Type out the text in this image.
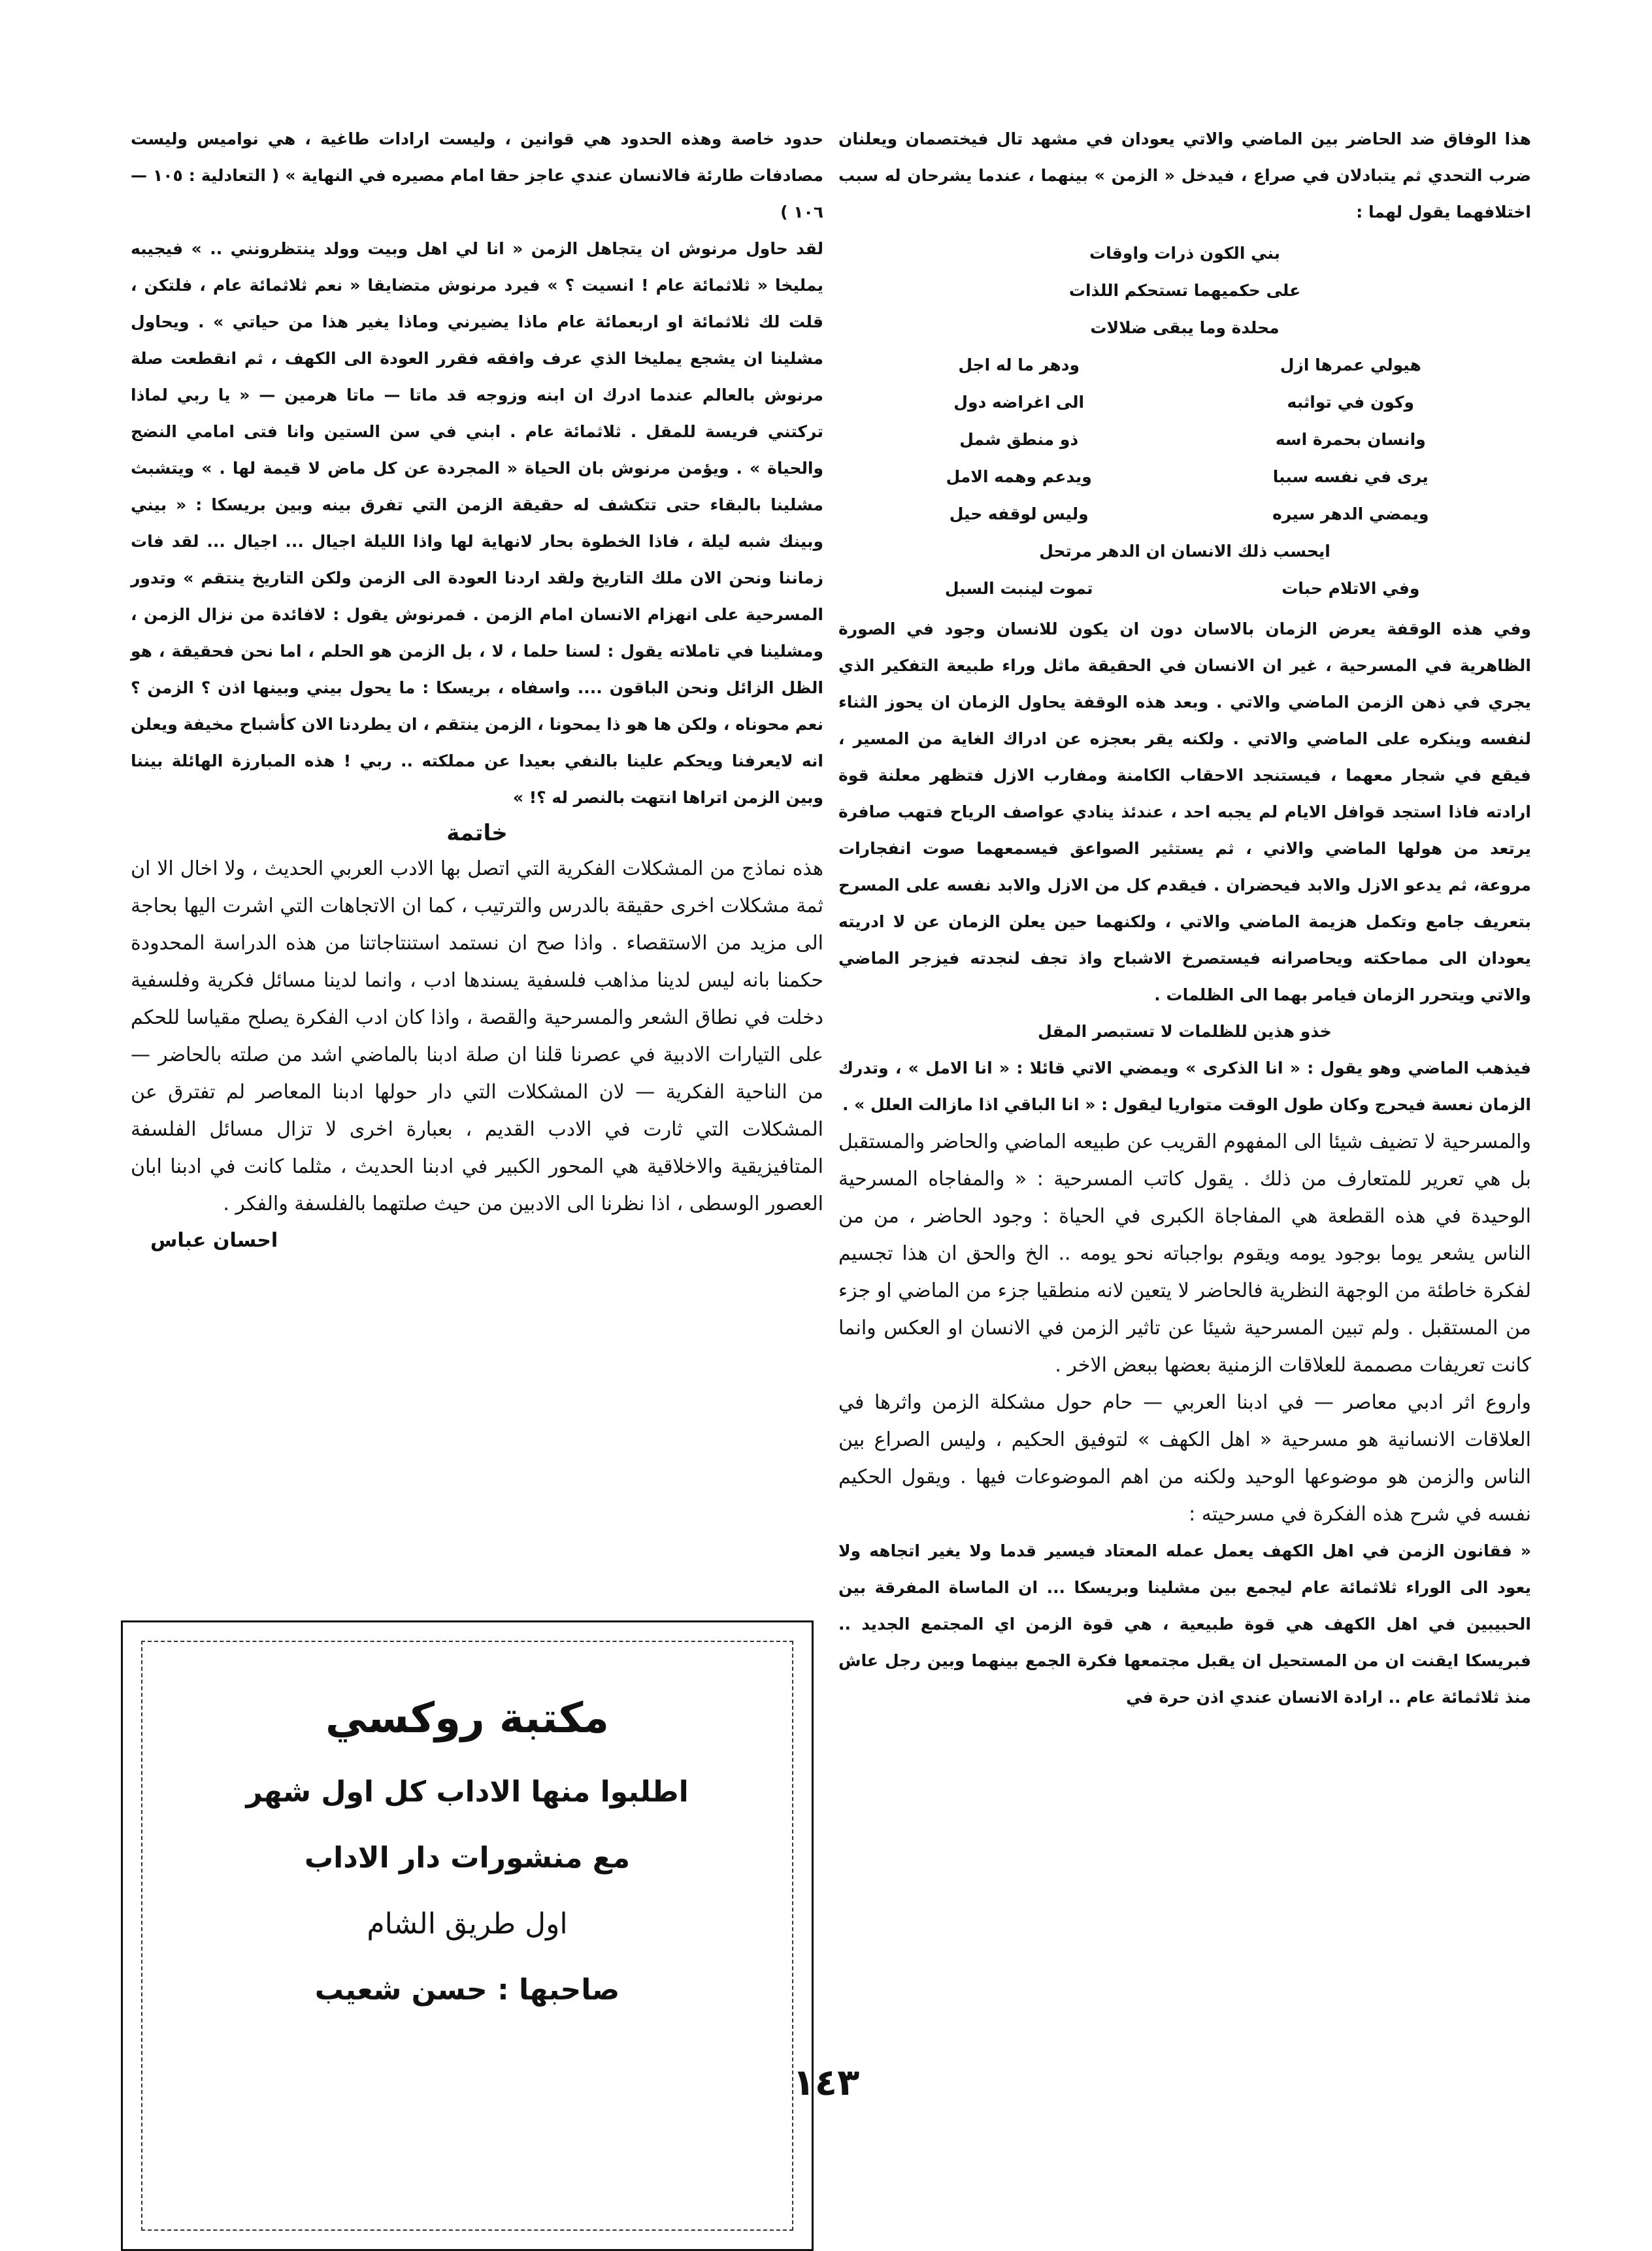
هذا الوفاق ضد الحاضر بين الماضي والاتي يعودان في مشهد تال فيختصمان ويعلنان ضرب التحدي ثم يتبادلان في صراع ، فيدخل « الزمن » بينهما ، عندما يشرحان له سبب اختلافهما يقول لهما :

بني الكون ذرات واوقات
على حكميهما تستحكم اللذات
محلدة وما يبقى ضلالات
هيولي عمرها ازل
ودهر ما له اجل
وكون في تواثبه
الى اغراضه دول
وانسان بحمرة اسه
ذو منطق شمل
يرى في نفسه سببا
ويدعم وهمه الامل
ويمضي الدهر سيره
وليس لوقفه حيل
ايحسب ذلك الانسان ان الدهر مرتحل
وفي الاتلام حبات
تموت لينبت السبل

وفي هذه الوقفة يعرض الزمان بالاسان دون ان يكون للانسان وجود في الصورة الظاهرية في المسرحية ، غير ان الانسان في الحقيقة ماثل وراء طبيعة التفكير الذي يجري في ذهن الزمن الماضي والاتي . وبعد هذه الوقفة يحاول الزمان ان يحوز الثناء لنفسه وينكره على الماضي والاتي . ولكنه يقر بعجزه عن ادراك الغاية من المسير ، فيقع في شجار معهما ، فيستنجد الاحقاب الكامنة ومفارب الازل فتظهر معلنة قوة ارادته فاذا استجد قوافل الايام لم يجبه احد ، عندئذ ينادي عواصف الرياح فتهب صافرة يرتعد من هولها الماضي والاني ، ثم يستثير الصواعق فيسمعهما صوت انفجارات مروعة، ثم يدعو الازل والابد فيحضران . فيقدم كل من الازل والابد نفسه على المسرح بتعريف جامع وتكمل هزيمة الماضي والاتي ، ولكنهما حين يعلن الزمان عن لا ادريته يعودان الى مماحكته ويحاصرانه فيستصرخ الاشباح واذ تجف لنجدته فيزجر الماضي والاتي ويتحرر الزمان فيامر بهما الى الظلمات .

خذو هذين للظلمات لا تستبصر المقل

فيذهب الماضي وهو يقول : « انا الذكرى » ويمضي الاتي قائلا : « انا الامل » ، وتدرك الزمان نعسة فيحرج وكان طول الوقت متواريا ليقول : « انا الباقي اذا مازالت العلل » .

والمسرحية لا تضيف شيئا الى المفهوم القريب عن طبيعه الماضي والحاضر والمستقبل بل هي تعرير للمتعارف من ذلك . يقول كاتب المسرحية : « والمفاجاه المسرحية الوحيدة في هذه القطعة هي المفاجاة الكبرى في الحياة : وجود الحاضر ، من من الناس يشعر يوما بوجود يومه ويقوم بواجباته نحو يومه .. الخ والحق ان هذا تجسيم لفكرة خاطئة من الوجهة النظرية فالحاضر لا يتعين لانه منطقيا جزء من الماضي او جزء من المستقبل . ولم تبين المسرحية شيئا عن تاثير الزمن في الانسان او العكس وانما كانت تعريفات مصممة للعلاقات الزمنية بعضها ببعض الاخر .

واروع اثر ادبي معاصر — في ادبنا العربي — حام حول مشكلة الزمن واثرها في العلاقات الانسانية هو مسرحية « اهل الكهف » لتوفيق الحكيم ، وليس الصراع بين الناس والزمن هو موضوعها الوحيد ولكنه من اهم الموضوعات فيها . ويقول الحكيم نفسه في شرح هذه الفكرة في مسرحيته :

« فقانون الزمن في اهل الكهف يعمل عمله المعتاد فيسير قدما ولا يغير اتجاهه ولا يعود الى الوراء ثلاثمائة عام ليجمع بين مشلينا وبريسكا ... ان الماساة المفرقة بين الحبيبين في اهل الكهف هي قوة طبيعية ، هي قوة الزمن اي المجتمع الجديد .. فبريسكا ايقنت ان من المستحيل ان يقبل مجتمعها فكرة الجمع بينهما وبين رجل عاش منذ ثلاثمائة عام .. ارادة الانسان عندي اذن حرة في

حدود خاصة وهذه الحدود هي قوانين ، وليست ارادات طاغية ، هي نواميس وليست مصادفات طارئة فالانسان عندي عاجز حقا امام مصيره في النهاية » ( التعادلية : ١٠٥ — ١٠٦ )

لقد حاول مرنوش ان يتجاهل الزمن « انا لي اهل وبيت وولد ينتظرونني .. » فيجيبه يمليخا « ثلاثمائة عام ! انسيت ؟ » فيرد مرنوش متضايقا « نعم ثلاثمائة عام ، فلتكن ، قلت لك ثلاثمائة او اربعمائة عام ماذا يضيرني وماذا يغير هذا من حياتي » . ويحاول مشلينا ان يشجع يمليخا الذي عرف وافقه فقرر العودة الى الكهف ، ثم انقطعت صلة مرنوش بالعالم عندما ادرك ان ابنه وزوجه قد ماتا — ماتا هرمين — « يا ربي لماذا تركتني فريسة للمقل . ثلاثمائة عام . ابني في سن الستين وانا فتى امامي النضج والحياة » . ويؤمن مرنوش بان الحياة « المجردة عن كل ماض لا قيمة لها . » ويتشبث مشلينا بالبقاء حتى تتكشف له حقيقة الزمن التي تفرق بينه وبين بريسكا : « بيني وبينك شبه ليلة ، فاذا الخطوة بحار لانهاية لها واذا الليلة اجيال ... اجيال ... لقد فات زماننا ونحن الان ملك التاريخ ولقد اردنا العودة الى الزمن ولكن التاريخ ينتقم » وتدور المسرحية على انهزام الانسان امام الزمن . فمرنوش يقول : لافائدة من نزال الزمن ، ومشلينا في تاملاته يقول : لسنا حلما ، لا ، بل الزمن هو الحلم ، اما نحن فحقيقة ، هو الظل الزائل ونحن الباقون .... واسفاه ، بريسكا : ما يحول بيني وبينها اذن ؟ الزمن ؟ نعم محوناه ، ولكن ها هو ذا يمحونا ، الزمن ينتقم ، ان يطردنا الان كأشباح مخيفة ويعلن انه لايعرفنا ويحكم علينا بالنفي بعيدا عن مملكته .. ربي ! هذه المبارزة الهائلة بيننا وبين الزمن اتراها انتهت بالنصر له ؟! »

خاتمة

هذه نماذج من المشكلات الفكرية التي اتصل بها الادب العربي الحديث ، ولا اخال الا ان ثمة مشكلات اخرى حقيقة بالدرس والترتيب ، كما ان الاتجاهات التي اشرت اليها بحاجة الى مزيد من الاستقصاء . واذا صح ان نستمد استنتاجاتنا من هذه الدراسة المحدودة حكمنا بانه ليس لدينا مذاهب فلسفية يسندها ادب ، وانما لدينا مسائل فكرية وفلسفية دخلت في نطاق الشعر والمسرحية والقصة ، واذا كان ادب الفكرة يصلح مقياسا للحكم على التيارات الادبية في عصرنا قلنا ان صلة ادبنا بالماضي اشد من صلته بالحاضر — من الناحية الفكرية — لان المشكلات التي دار حولها ادبنا المعاصر لم تفترق عن المشكلات التي ثارت في الادب القديم ، بعبارة اخرى لا تزال مسائل الفلسفة المتافيزيقية والاخلاقية هي المحور الكبير في ادبنا الحديث ، مثلما كانت في ادبنا ابان العصور الوسطى ، اذا نظرنا الى الادبين من حيث صلتهما بالفلسفة والفكر .

احسان عباس
مكتبة روكسي
اطلبوا منها الاداب كل اول شهر
مع منشورات دار الاداب
اول طريق الشام
صاحبها : حسن شعيب
١٤٣
